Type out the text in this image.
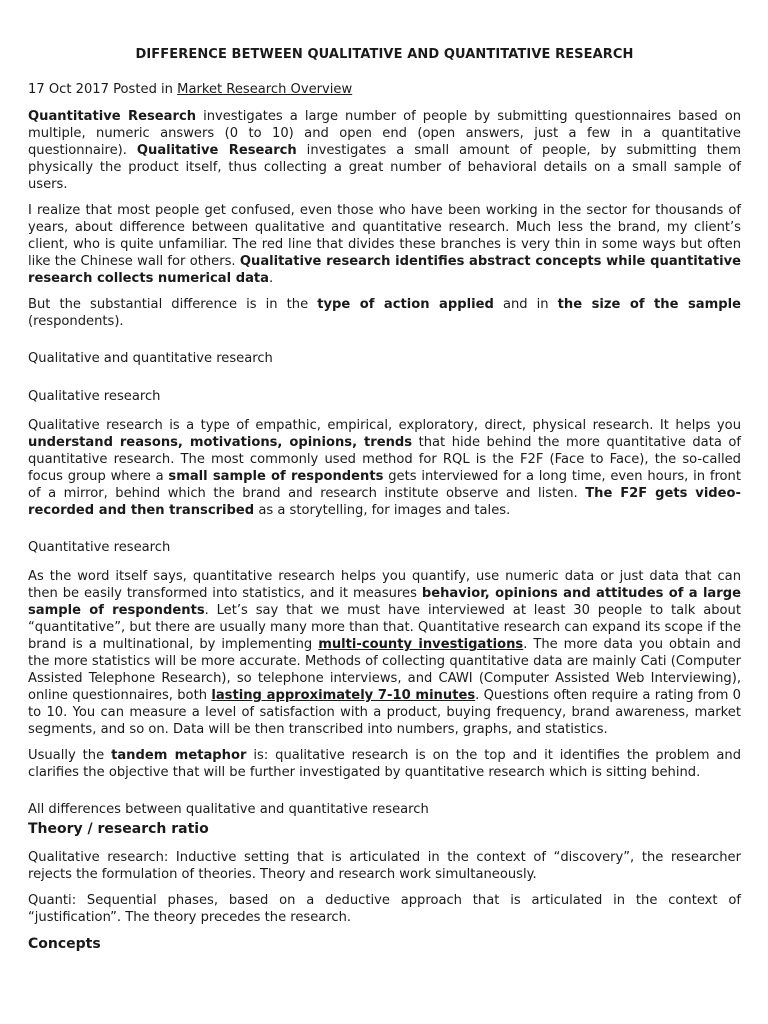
DIFFERENCE BETWEEN QUALITATIVE AND QUANTITATIVE RESEARCH

17 Oct 2017 Posted in Market Research Overview

Quantitative Research investigates a large number of people by submitting questionnaires based on multiple, numeric answers (0 to 10) and open end (open answers, just a few in a quantitative questionnaire). Qualitative Research investigates a small amount of people, by submitting them physically the product itself, thus collecting a great number of behavioral details on a small sample of users.

I realize that most people get confused, even those who have been working in the sector for thousands of years, about difference between qualitative and quantitative research. Much less the brand, my client’s client, who is quite unfamiliar. The red line that divides these branches is very thin in some ways but often like the Chinese wall for others. Qualitative research identifies abstract concepts while quantitative research collects numerical data.

But the substantial difference is in the type of action applied and in the size of the sample (respondents).

Qualitative and quantitative research

Qualitative research

Qualitative research is a type of empathic, empirical, exploratory, direct, physical research. It helps you understand reasons, motivations, opinions, trends that hide behind the more quantitative data of quantitative research. The most commonly used method for RQL is the F2F (Face to Face), the so-called focus group where a small sample of respondents gets interviewed for a long time, even hours, in front of a mirror, behind which the brand and research institute observe and listen. The F2F gets video-recorded and then transcribed as a storytelling, for images and tales.

Quantitative research

As the word itself says, quantitative research helps you quantify, use numeric data or just data that can then be easily transformed into statistics, and it measures behavior, opinions and attitudes of a large sample of respondents. Let’s say that we must have interviewed at least 30 people to talk about “quantitative”, but there are usually many more than that. Quantitative research can expand its scope if the brand is a multinational, by implementing multi-county investigations. The more data you obtain and the more statistics will be more accurate. Methods of collecting quantitative data are mainly Cati (Computer Assisted Telephone Research), so telephone interviews, and CAWI (Computer Assisted Web Interviewing), online questionnaires, both lasting approximately 7-10 minutes. Questions often require a rating from 0 to 10. You can measure a level of satisfaction with a product, buying frequency, brand awareness, market segments, and so on. Data will be then transcribed into numbers, graphs, and statistics.

Usually the tandem metaphor is: qualitative research is on the top and it identifies the problem and clarifies the objective that will be further investigated by quantitative research which is sitting behind.

All differences between qualitative and quantitative research

Theory / research ratio

Qualitative research: Inductive setting that is articulated in the context of “discovery”, the researcher rejects the formulation of theories. Theory and research work simultaneously.

Quanti: Sequential phases, based on a deductive approach that is articulated in the context of “justification”. The theory precedes the research.

Concepts
